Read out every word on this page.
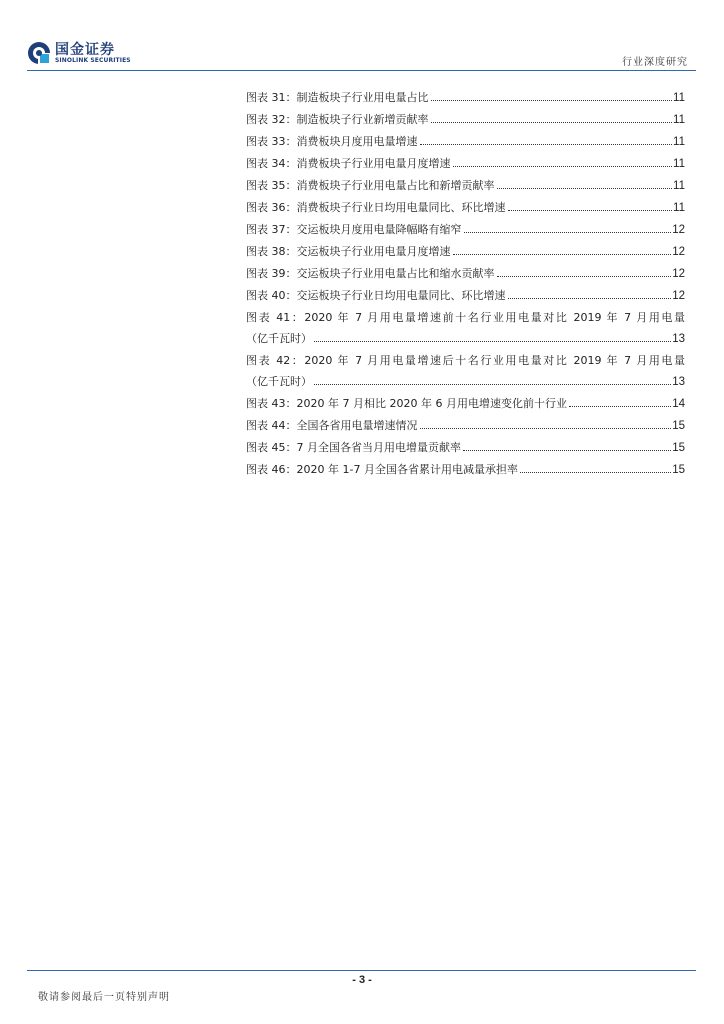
国金证券
SINOLINK SECURITIES	行业深度研究
图表 31：制造板块子行业用电量占比	11
图表 32：制造板块子行业新增贡献率	11
图表 33：消费板块月度用电量增速	11
图表 34：消费板块子行业用电量月度增速	11
图表 35：消费板块子行业用电量占比和新增贡献率	11
图表 36：消费板块子行业日均用电量同比、环比增速	11
图表 37：交运板块月度用电量降幅略有缩窄	12
图表 38：交运板块子行业用电量月度增速	12
图表 39：交运板块子行业用电量占比和缩水贡献率	12
图表 40：交运板块子行业日均用电量同比、环比增速	12
图表 41：2020 年 7 月用电量增速前十名行业用电量对比 2019 年 7 月用电量
（亿千瓦时）	13
图表 42：2020 年 7 月用电量增速后十名行业用电量对比 2019 年 7 月用电量
（亿千瓦时）	13
图表 43：2020 年 7 月相比 2020 年 6 月用电增速变化前十行业	14
图表 44：全国各省用电量增速情况	15
图表 45：7 月全国各省当月用电增量贡献率	15
图表 46：2020 年 1-7 月全国各省累计用电减量承担率	15
- 3 -
敬请参阅最后一页特别声明
